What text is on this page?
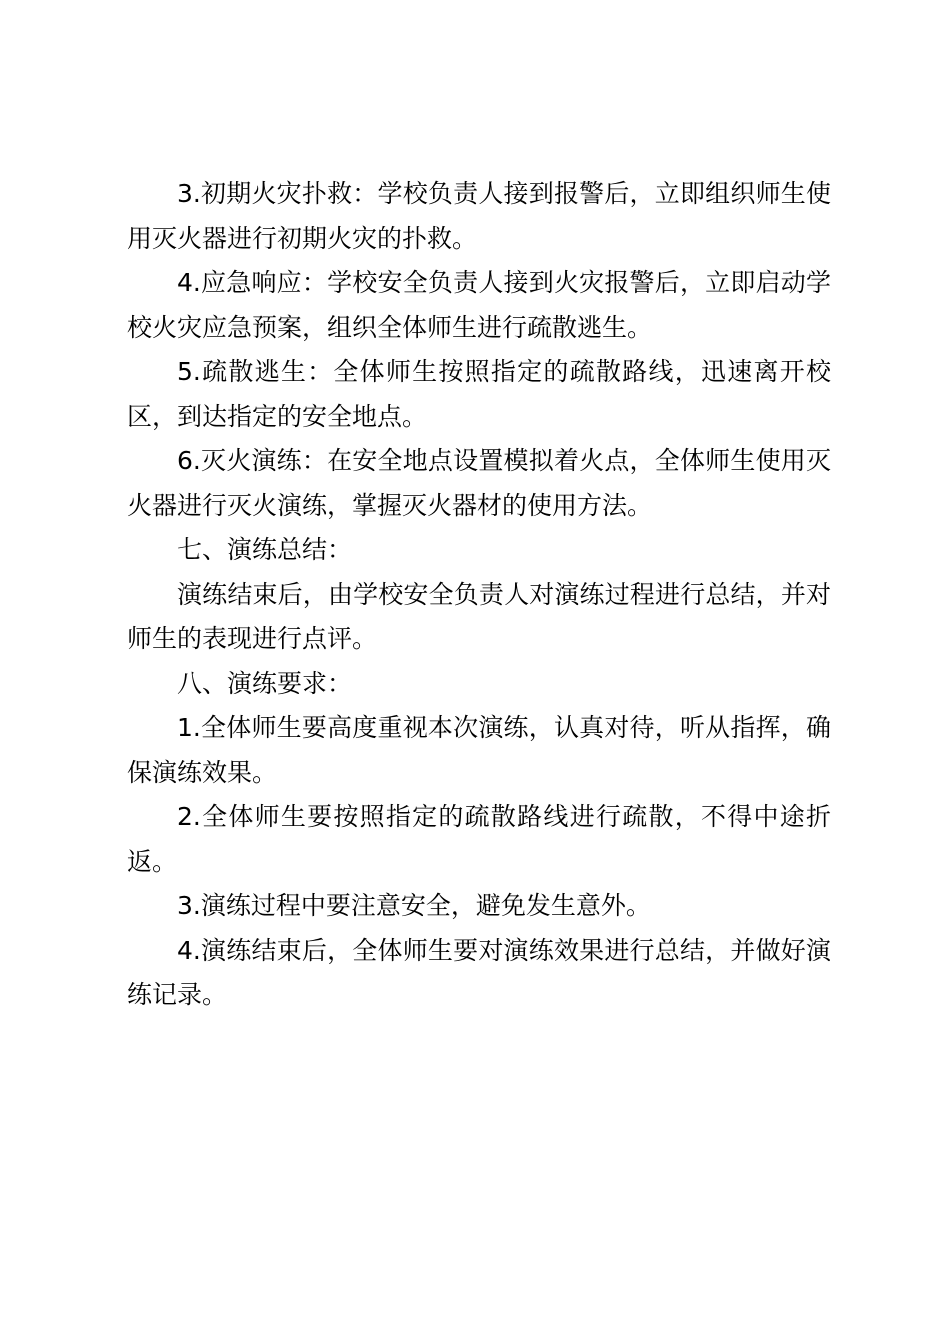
3.初期火灾扑救：学校负责人接到报警后，立即组织师生使用灭火器进行初期火灾的扑救。

4.应急响应：学校安全负责人接到火灾报警后，立即启动学校火灾应急预案，组织全体师生进行疏散逃生。

5.疏散逃生：全体师生按照指定的疏散路线，迅速离开校区，到达指定的安全地点。

6.灭火演练：在安全地点设置模拟着火点，全体师生使用灭火器进行灭火演练，掌握灭火器材的使用方法。

七、演练总结：

演练结束后，由学校安全负责人对演练过程进行总结，并对师生的表现进行点评。

八、演练要求：

1.全体师生要高度重视本次演练，认真对待，听从指挥，确保演练效果。

2.全体师生要按照指定的疏散路线进行疏散，不得中途折返。

3.演练过程中要注意安全，避免发生意外。

4.演练结束后，全体师生要对演练效果进行总结，并做好演练记录。
